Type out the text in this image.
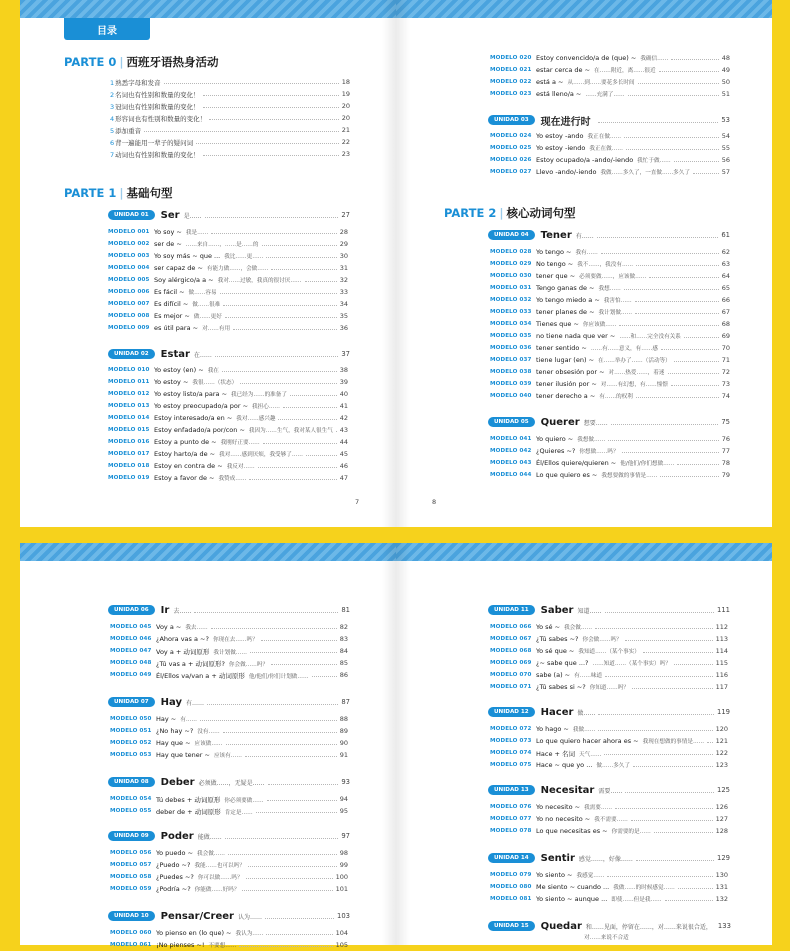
目录
PARTE 0 | 西班牙语热身活动
1熟悉字母和发音	18
2名词也有性别和数量的变化！	19
3冠词也有性别和数量的变化！	20
4形容词也有性别和数量的变化！	20
5添加重音	21
6背一遍能用一辈子的疑问词	22
7动词也有性别和数量的变化！	23
PARTE 1 | 基础句型
UNIDAD 01	Ser 是……	27
MODELO 001 Yo soy ~ 我是……	28
MODELO 002 ser de ~ ……来自……，……是……的	29
MODELO 003 Yo soy más ~ que ... 我比……更……	30
MODELO 004 ser capaz de ~ 有能力做……，会做……	31
MODELO 005 Soy alérgico/a a ~ 我对……过敏，我真的很讨厌……	32
MODELO 006 Es fácil ~ 做……容易	33
MODELO 007 Es difícil ~ 做……很难	34
MODELO 008 Es mejor ~ 做……更好	35
MODELO 009 es útil para ~ 对……有用	36
UNIDAD 02	Estar 在……	37
MODELO 010 Yo estoy (en) ~ 我在	38
MODELO 011 Yo estoy ~ 我很……（状态）	39
MODELO 012 Yo estoy listo/a para ~ 我已经为……的准备了	40
MODELO 013 Yo estoy preocupado/a por ~ 我担心……	41
MODELO 014 Estoy interesado/a en ~ 我对……感兴趣	42
MODELO 015 Estoy enfadado/a por/con ~ 我因为……生气，我对某人很生气 43
MODELO 016 Estoy a punto de ~ 我刚好正要……	44
MODELO 017 Estoy harto/a de ~ 我对……感到厌烦，我受够了……	45
MODELO 018 Estoy en contra de ~ 我反对……	46
MODELO 019 Estoy a favor de ~ 我赞成……	47
7
MODELO 020 Estoy convencido/a de (que) ~ 我确信……	48
MODELO 021 estar cerca de ~ 在……附近，离……很近	49
MODELO 022 está a ~ 从……到……要花多长时间	50
MODELO 023 está lleno/a ~ ……充满了……	51
UNIDAD 03	现在进行时	53
MODELO 024 Yo estoy -ando 我正在做……	54
MODELO 025 Yo estoy -iendo 我正在做……	55
MODELO 026 Estoy ocupado/a -ando/-iendo 我忙于做……	56
MODELO 027 Llevo -ando/-iendo 我做……多久了，一直做……多久了	57
PARTE 2 | 核心动词句型
UNIDAD 04	Tener 有……	61
MODELO 028 Yo tengo ~ 我有……	62
MODELO 029 No tengo ~ 我不……，我没有……	63
MODELO 030 tener que ~ 必须要做……，应该做……	64
MODELO 031 Tengo ganas de ~ 我想……	65
MODELO 032 Yo tengo miedo a ~ 我害怕……	66
MODELO 033 tener planes de ~ 我计划做……	67
MODELO 034 Tienes que ~ 你应该做……	68
MODELO 035 no tiene nada que ver ~ ……和……完全没有关系	69
MODELO 036 tener sentido ~ ……有……意义，有……感	70
MODELO 037 tiene lugar (en) ~ 在……举办了……（活动等）	71
MODELO 038 tener obsesión por ~ 对……热爱……，着迷	72
MODELO 039 tener ilusión por ~ 对……有幻想，有……憧憬	73
MODELO 040 tener derecho a ~ 有……的权利	74
UNIDAD 05	Querer 想要……	75
MODELO 041 Yo quiero ~ 我想做……	76
MODELO 042 ¿Quieres ~? 你想做……吗？	77
MODELO 043 Él/Ellos quiere/quieren ~ 他/他们/你们想做……	78
MODELO 044 Lo que quiero es ~ 我想要做的事情是……	79
8
UNIDAD 06	Ir 去……	81
MODELO 045 Voy a ~ 我去……	82
MODELO 046 ¿Ahora vas a ~? 你现在去……吗？	83
MODELO 047 Voy a + 动词原形 我计划做……	84
MODELO 048 ¿Tú vas a + 动词原形? 你会做……吗？	85
MODELO 049 Él/Ellos va/van a + 动词原形 他/他们/你们计划做……	86
UNIDAD 07	Hay 有……	87
MODELO 050 Hay ~ 有……	88
MODELO 051 ¿No hay ~? 没有……	89
MODELO 052 Hay que ~ 应该做……	90
MODELO 053 Hay que tener ~ 应该有……	91
UNIDAD 08	Deber 必须做……，无疑是……	93
MODELO 054 Tú debes + 动词原形 你必须要做……	94
MODELO 055 deber de + 动词原形 肯定是……	95
UNIDAD 09	Poder 能做……	97
MODELO 056 Yo puedo ~ 我会做……	98
MODELO 057 ¿Puedo ~? 我能……也可以吗？	99
MODELO 058 ¿Puedes ~? 你可以做……吗？	100
MODELO 059 ¿Podría ~? 你能做……好吗？	101
UNIDAD 10	Pensar/Creer 认为……	103
MODELO 060 Yo pienso en (lo que) ~ 我认为……	104
MODELO 061 ¡No pienses ~! 不要想……	105
UNIDAD 11	Saber 知道……	111
MODELO 066 Yo sé ~ 我会做……	112
MODELO 067 ¿Tú sabes ~? 你会做……吗？	113
MODELO 068 Yo sé que ~ 我知道……（某个事实）	114
MODELO 069 ¿~ sabe que ...? ……知道……（某个事实）吗？	115
MODELO 070 sabe (a) ~ 有……味道	116
MODELO 071 ¿Tú sabes si ~? 你知道……吗？	117
UNIDAD 12	Hacer 做……	119
MODELO 072 Yo hago ~ 我做……	120
MODELO 073 Lo que quiero hacer ahora es ~ 我现在想做的事情是…… 121
MODELO 074 Hace + 名词 天气……	122
MODELO 075 Hace ~ que yo ... 做……多久了	123
UNIDAD 13	Necesitar 需要……	125
MODELO 076 Yo necesito ~ 我需要……	126
MODELO 077 Yo no necesito ~ 我不需要……	127
MODELO 078 Lo que necesitas es ~ 你需要的是……	128
UNIDAD 14	Sentir 感觉……，好像……	129
MODELO 079 Yo siento ~ 我感觉……	130
MODELO 080 Me siento ~ cuando ... 我做……的时候感觉……	131
MODELO 081 Yo siento ~ aunque ... 即使……但是我……	132
UNIDAD 15	Quedar 和……见面，停留在……，对……来说很合适， 133
对……来说不合适
